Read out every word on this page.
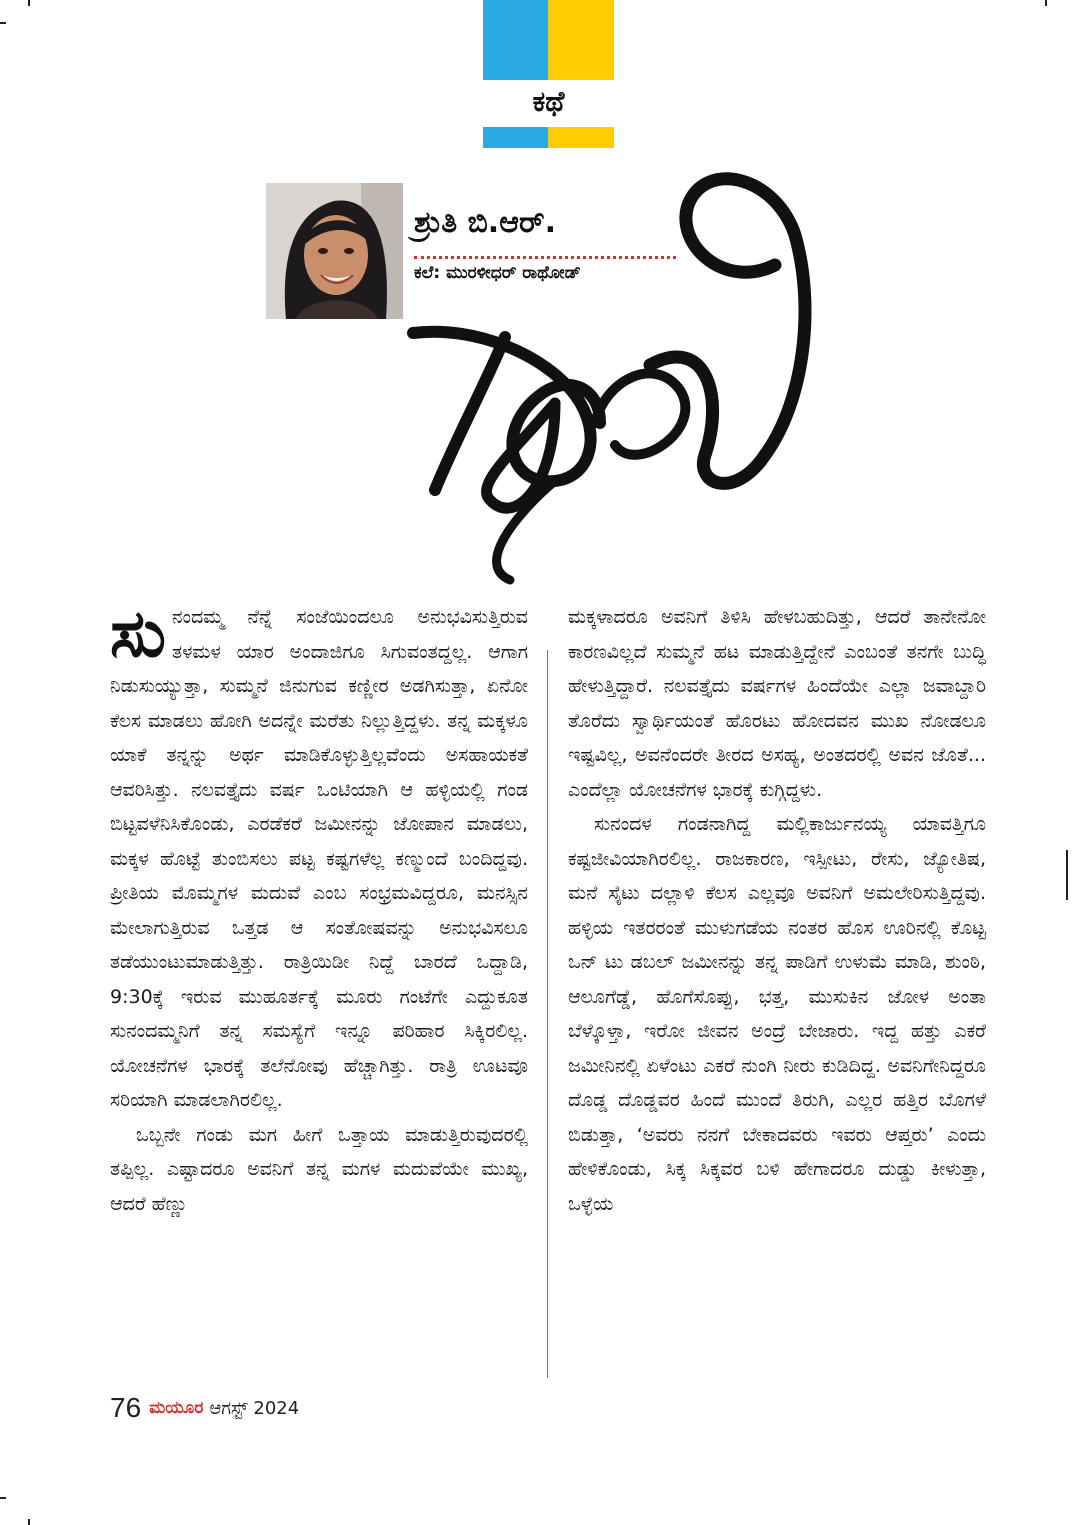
ಕಥೆ
ಶ್ರುತಿ ಬಿ.ಆರ್.
ಕಲೆ: ಮುರಳೀಧರ್ ರಾಥೋಡ್

ಸುನಂದಮ್ಮ ನೆನ್ನೆ ಸಂಜೆಯಿಂದಲೂ ಅನುಭವಿಸುತ್ತಿರುವ ತಳಮಳ ಯಾರ ಅಂದಾಜಿಗೂ ಸಿಗುವಂತದ್ದಲ್ಲ. ಆಗಾಗ ನಿಡುಸುಯ್ಯುತ್ತಾ, ಸುಮ್ಮನೆ ಜಿನುಗುವ ಕಣ್ಣೀರ ಅಡಗಿಸುತ್ತಾ, ಏನೋ ಕೆಲಸ ಮಾಡಲು ಹೋಗಿ ಅದನ್ನೇ ಮರೆತು ನಿಲ್ಲುತ್ತಿದ್ದಳು. ತನ್ನ ಮಕ್ಕಳೂ ಯಾಕೆ ತನ್ನನ್ನು ಅರ್ಥ ಮಾಡಿಕೊಳ್ಳುತ್ತಿಲ್ಲವೆಂದು ಅಸಹಾಯಕತೆ ಆವರಿಸಿತ್ತು. ನಲವತ್ತೈದು ವರ್ಷ ಒಂಟಿಯಾಗಿ ಆ ಹಳ್ಳಿಯಲ್ಲಿ ಗಂಡ ಬಿಟ್ಟವಳೆನಿಸಿಕೊಂಡು, ಎರಡೆಕರೆ ಜಮೀನನ್ನು ಜೋಪಾನ ಮಾಡಲು, ಮಕ್ಕಳ ಹೊಟ್ಟೆ ತುಂಬಿಸಲು ಪಟ್ಟ ಕಷ್ಟಗಳೆಲ್ಲ ಕಣ್ಮುಂದೆ ಬಂದಿದ್ದವು. ಪ್ರೀತಿಯ ಮೊಮ್ಮಗಳ ಮದುವೆ ಎಂಬ ಸಂಭ್ರಮವಿದ್ದರೂ, ಮನಸ್ಸಿನ ಮೇಲಾಗುತ್ತಿರುವ ಒತ್ತಡ ಆ ಸಂತೋಷವನ್ನು ಅನುಭವಿಸಲೂ ತಡೆಯುಂಟುಮಾಡುತ್ತಿತ್ತು. ರಾತ್ರಿಯಿಡೀ ನಿದ್ದೆ ಬಾರದೆ ಒದ್ದಾಡಿ, 9:30ಕ್ಕೆ ಇರುವ ಮುಹೂರ್ತಕ್ಕೆ ಮೂರು ಗಂಟೆಗೇ ಎದ್ದುಕೂತ ಸುನಂದಮ್ಮನಿಗೆ ತನ್ನ ಸಮಸ್ಯೆಗೆ ಇನ್ನೂ ಪರಿಹಾರ ಸಿಕ್ಕಿರಲಿಲ್ಲ. ಯೋಚನೆಗಳ ಭಾರಕ್ಕೆ ತಲೆನೋವು ಹೆಚ್ಚಾಗಿತ್ತು. ರಾತ್ರಿ ಊಟವೂ ಸರಿಯಾಗಿ ಮಾಡಲಾಗಿರಲಿಲ್ಲ.

ಒಬ್ಬನೇ ಗಂಡು ಮಗ ಹೀಗೆ ಒತ್ತಾಯ ಮಾಡುತ್ತಿರುವುದರಲ್ಲಿ ತಪ್ಪಿಲ್ಲ. ಎಷ್ಟಾದರೂ ಅವನಿಗೆ ತನ್ನ ಮಗಳ ಮದುವೆಯೇ ಮುಖ್ಯ, ಆದರೆ ಹೆಣ್ಣು

ಮಕ್ಕಳಾದರೂ ಅವನಿಗೆ ತಿಳಿಸಿ ಹೇಳಬಹುದಿತ್ತು, ಆದರೆ ತಾನೇನೋ ಕಾರಣವಿಲ್ಲದೆ ಸುಮ್ಮನೆ ಹಟ ಮಾಡುತ್ತಿದ್ದೇನೆ ಎಂಬಂತೆ ತನಗೇ ಬುದ್ಧಿ ಹೇಳುತ್ತಿದ್ದಾರೆ. ನಲವತ್ತೈದು ವರ್ಷಗಳ ಹಿಂದೆಯೇ ಎಲ್ಲಾ ಜವಾಬ್ದಾರಿ ತೊರೆದು ಸ್ವಾರ್ಥಿಯಂತೆ ಹೊರಟು ಹೋದವನ ಮುಖ ನೋಡಲೂ ಇಷ್ಟವಿಲ್ಲ, ಅವನೆಂದರೇ ತೀರದ ಅಸಹ್ಯ, ಅಂತದರಲ್ಲಿ ಅವನ ಜೊತೆ... ಎಂದೆಲ್ಲಾ ಯೋಚನೆಗಳ ಭಾರಕ್ಕೆ ಕುಗ್ಗಿದ್ದಳು.

ಸುನಂದಳ ಗಂಡನಾಗಿದ್ದ ಮಲ್ಲಿಕಾರ್ಜುನಯ್ಯ ಯಾವತ್ತಿಗೂ ಕಷ್ಟಜೀವಿಯಾಗಿರಲಿಲ್ಲ. ರಾಜಕಾರಣ, ಇಸ್ಪೀಟು, ರೇಸು, ಜ್ಯೋತಿಷ, ಮನೆ ಸೈಟು ದಲ್ಲಾಳಿ ಕೆಲಸ ಎಲ್ಲವೂ ಅವನಿಗೆ ಅಮಲೇರಿಸುತ್ತಿದ್ದವು. ಹಳ್ಳಿಯ ಇತರರಂತೆ ಮುಳುಗಡೆಯ ನಂತರ ಹೊಸ ಊರಿನಲ್ಲಿ ಕೊಟ್ಟ ಒನ್ ಟು ಡಬಲ್ ಜಮೀನನ್ನು ತನ್ನ ಪಾಡಿಗೆ ಉಳುಮೆ ಮಾಡಿ, ಶುಂಠಿ, ಆಲೂಗೆಡ್ಡೆ, ಹೊಗೆಸೊಪ್ಪು, ಭತ್ತ, ಮುಸುಕಿನ ಜೋಳ ಅಂತಾ ಬೆಳ್ಕೊಳ್ತಾ, ಇರೋ ಜೀವನ ಅಂದ್ರೆ ಬೇಜಾರು. ಇದ್ದ ಹತ್ತು ಎಕರೆ ಜಮೀನಿನಲ್ಲಿ ಏಳೆಂಟು ಎಕರೆ ನುಂಗಿ ನೀರು ಕುಡಿದಿದ್ದ. ಅವನಿಗೇನಿದ್ದರೂ ದೊಡ್ಡ ದೊಡ್ಡವರ ಹಿಂದೆ ಮುಂದೆ ತಿರುಗಿ, ಎಲ್ಲರ ಹತ್ತಿರ ಬೊಗಳೆ ಬಿಡುತ್ತಾ, ‘ಅವರು ನನಗೆ ಬೇಕಾದವರು ಇವರು ಆಪ್ತರು’ ಎಂದು ಹೇಳಿಕೊಂಡು, ಸಿಕ್ಕ ಸಿಕ್ಕವರ ಬಳಿ ಹೇಗಾದರೂ ದುಡ್ಡು ಕೀಳುತ್ತಾ, ಒಳ್ಳೆಯ

76 ಮಯೂರ ಆಗಸ್ಟ್ 2024
